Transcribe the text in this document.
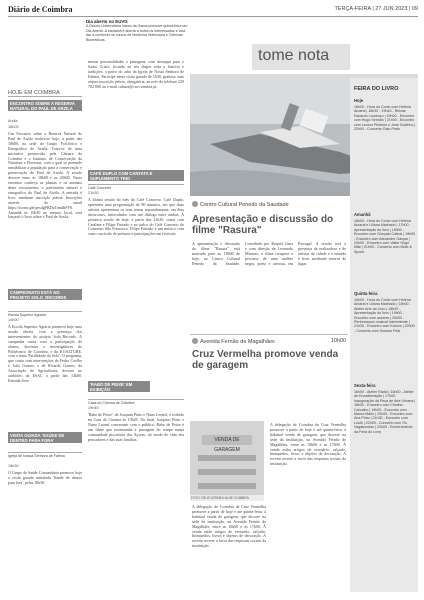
Diário de Coimbra	TERÇA-FEIRA | 27 JUN 2023 | 09
Dia aberto no EUVG
A Escola Universitária Vasco da Gama promove quinta-feira um Dia Aberto. A iniciativa é aberta a todos os interessados e visa dar a conhecer os cursos de Medicina Veterinária e Ciências Biomédicas.
tome nota
HOJE EM COIMBRA
ENCONTRO SOBRE A RESERVA NATURAL DO PAUL DE ARZILA
Arzila
18h00
Um Encontro sobre a Reserva Natural do Paul de Arzila realiza-se hoje, a partir das 18h00, na sede do Grupo Folclórico e Etnográfico de Arzila. Trata-se de uma iniciativa promovida pela Câmara de Coimbra e o Instituto de Conservação da Natureza e Florestas, com o qual se pretende sensibilizar a população para a conservação e preservação do Paul de Arzila. A sessão decorre entre as 18h00 e as 20h00. Neste encontro conheça as plantas e os animais deste ecossistema, o património natural e etnográfico do Paul de Arzila. A entrada é livre, mediante inscrição prévia. Inscrições através do email https://forms.gle/pesdgFBDuTrmdhFF8. Amanhã às 10h30 no mesmo local, será lançado o livro sobre o Paul de Arzila.
CAMPEONATO ESTÁ NO PROJETO SOLO_RECORDS
Escola Superior Agrária
14h00
A Escola Superior Agrária promove hoje uma sessão aberta, com a presença dos intervenientes do projeto Solo_Records. A campanha conta com a participação de alunos, docentes e investigadores do Politécnico de Coimbra, e da KOALTURE, com o tema 'Fertilidade do Solo'. O programa, que conta com intervenções de Pedro Coelho e João Gomes, e de Ricardo Gomes, da Associação de Agricultores, decorre no auditório da ESAC a partir das 14h00. Entrada livre.
VISITA GUIADA 'SAÚDE DE DENTRO PARA FORA'
Igreja de Nossa Senhora de Fátima
18h30
O Grupo de Saúde Comunitária promove hoje a visita guiada intitulada 'Saúde de dentro para fora', pelas 18h30.
nessas personalidades e paisagens, com destaque para o Santo Cristo, ficando ao seu dispor toda a história e tradições, a partir do adro da Igreja de Nossa Senhora de Fátima. Participe nesta visita guiada de 1h30, gratuita, mas requer inscrição prévia, obrigatória, através do telefone 239 702 000 ou e-mail cultura@cm-coimbra.pt.
CAFÉ DUPLO COM CANTATA E SUPLEMENTO TRIO
Café Concerto
21h30
A última sessão do mês do Café Concerto, Café Duplo, apresenta uma programação de 90 minutos, em que duas artistas apresentam os seus temas separadamente, em dois showcases, intercalados com um diálogo entre ambas. A primeira sessão de hoje, a partir das 21h30, conta com Catalina e Filipe Furtado e no palco do Café Concerto do Convento São Francisco. Filipe Furtado é um músico com vasto currículo de prémios e participações em festivais.
'RABO DE PEIXE' EM EXIBIÇÃO
Casa do Cinema de Coimbra
19h45
'Rabo de Peixe', de Joaquim Pinto e Nuno Leonel, é exibido na Casa do Cinema às 19h45. No final, Joaquim Pinto e Nuno Leonel conversam com o público. Rabo de Peixe é um filme que testemunha a passagem do tempo numa comunidade piscatória dos Açores, do modo de vida dos pescadores e das suas famílias.
Centro Cultural Penedo da Saudade
Apresentação e discussão do filme "Rasura"
A apresentação e discussão do filme "Rasura" está marcada para as 18h00 de hoje, no Centro Cultural Penedo da Saudade. Concebido por Raquel Lima e com direção de Leonardo Mimoso, o filme recupera o percurso de uma mulher negra, poeta e ativista, em Portugal. A sessão terá a presença da realizadora e de artistas da cidade e a entrada é livre, mediante reserva de lugar.
Avenida Fernão de Magalhães	10h00
Cruz Vermelha promove venda de garagem
VENDA DE GARAGEM
FOTO CRUZ VERMELHA DE COIMBRA
A delegação de Coimbra da Cruz Vermelha promove a partir de hoje e até quinta-feira, a habitual venda de garagem, que decorre na sede da instituição, na Avenida Fernão de Magalhães, entre as 10h00 e as 17h00. À venda estão artigos de vestuário, calçado, brinquedos, livros e objetos de decoração. A receita reverte a favor das respostas sociais da instituição.
A delegação de Coimbra da Cruz Vermelha promove a partir de hoje e até quinta-feira, a habitual venda de garagem, que decorre na sede da instituição, na Avenida Fernão de Magalhães, entre as 10h00 e as 17h00. À venda estão artigos de vestuário, calçado, brinquedos, livros e objetos de decoração. A receita reverte a favor das respostas sociais da instituição.
FEIRA DO LIVRO
Hoje
16h00 - Hora do Conto com Helena Amaral | 18h30 - 19h45 - Relvas Eduardo Lourenço | 19h00 - Encontro com Hugo Serôdio | 21h00 - Encontro com Leonor Pinheiro e José Godinho | 22h00 - Concerto Gato Preto
Amanhã
16h00 - Hora do Conto com Helena Amaral e Liliana Machado | 17h00 - Apresentação do livro | 18h00 - Encontro com Gonçalo Cabral | 19h00 - Encontro com Alexandre Gaspar | 20h00 - Encontro com Valter Hugo Mãe | 21h00 - Concerto com Mote & Spock
Quinta-feira
16h00 - Hora do Conto com Helena Amaral e Liliana Machado | 16h00 - Atelier Arte do Livro | 18h00 - Apresentação do livro | 19h00 - Encontro com autores | 20h00 - Performance musical Intermitente | 21h30 - Encontro com Kaúmo | 22h00 - Concerto com Susana Félix
Sexta-feira
16h00 - Atelier Rádio | 16h00 - Atelier de Encadernação | 17h00 - Inauguração da Peça de Arte Urbana | 18h00 - Encontro com Cristina Carvalho | 19h00 - Encontro com Mauro Mário | 20h00 - Encontro com Ana Pinto | 21h30 - Encontro com Loulé | 22h00 - Concerto com Os Vagabundos | 23h00 - Encerramento da Feira do Livro
